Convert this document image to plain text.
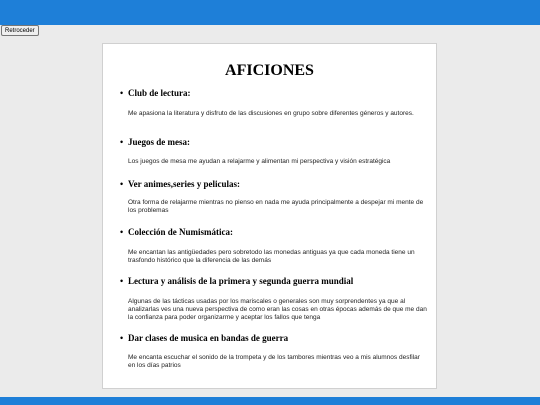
Retroceder
AFICIONES
• Club de lectura:

Me apasiona la literatura y disfruto de las discusiones en grupo sobre diferentes géneros y autores.

• Juegos de mesa:

Los juegos de mesa me ayudan a relajarme y alimentan mi perspectiva y visión estratégica

• Ver animes,series y peliculas:

Otra forma de relajarme mientras no pienso en nada me ayuda principalmente a despejar mi mente de los problemas

• Colección de Numismática:

Me encantan las antigüedades pero sobretodo las monedas antiguas ya que cada moneda tiene un trasfondo histórico que la diferencia de las demás

• Lectura y análisis de la primera y segunda guerra mundial

Algunas de las tácticas usadas por los mariscales o generales son muy sorprendentes ya que al analizarlas ves una nueva perspectiva de como eran las cosas en otras épocas además de que me dan la confianza para poder organizarme y aceptar los fallos que tenga

• Dar clases de musica en bandas de guerra

Me encanta escuchar el sonido de la trompeta y de los tambores mientras veo a mis alumnos desfilar en los días patrios
